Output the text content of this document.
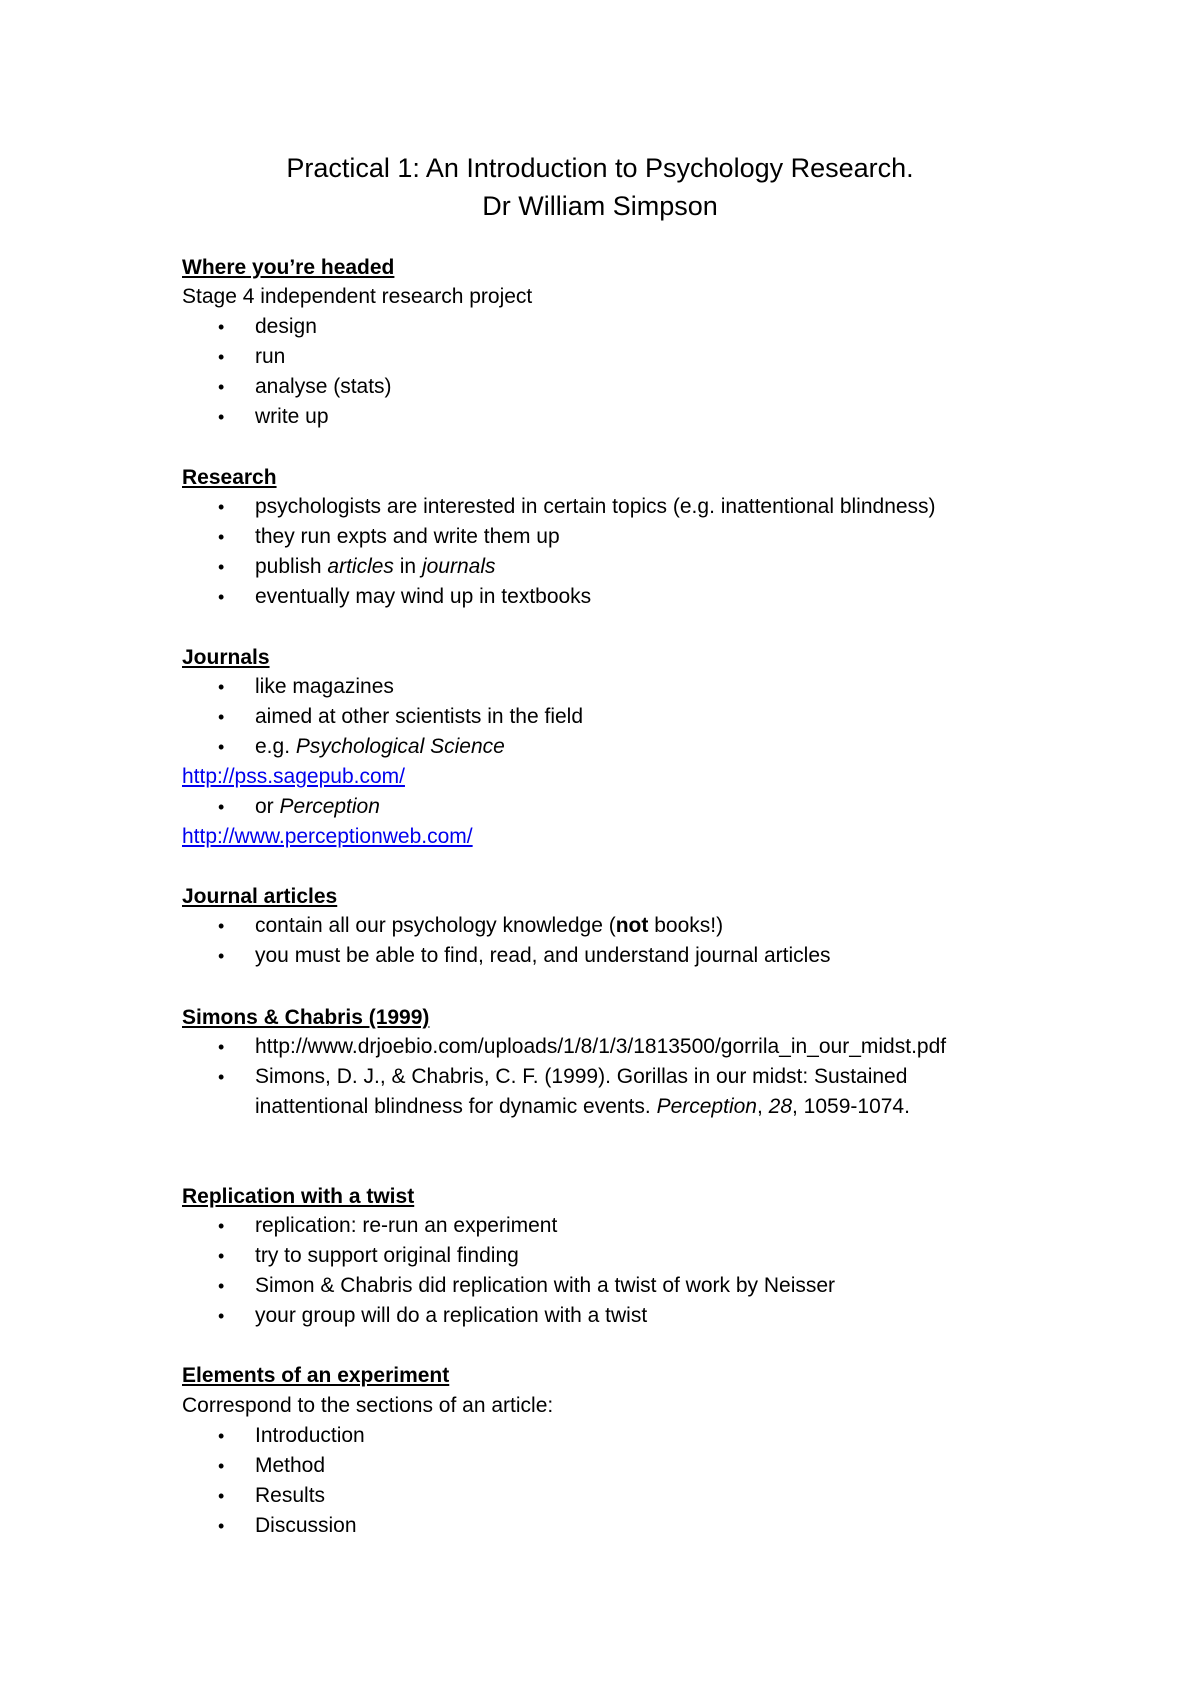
Practical 1: An Introduction to Psychology Research.
Dr William Simpson
Where you’re headed
Stage 4 independent research project
• design
• run
• analyse (stats)
• write up
Research
• psychologists are interested in certain topics (e.g. inattentional blindness)
• they run expts and write them up
• publish articles in journals
• eventually may wind up in textbooks
Journals
• like magazines
• aimed at other scientists in the field
• e.g. Psychological Science
http://pss.sagepub.com/
• or Perception
http://www.perceptionweb.com/
Journal articles
• contain all our psychology knowledge (not books!)
• you must be able to find, read, and understand journal articles
Simons & Chabris (1999)
• http://www.drjoebio.com/uploads/1/8/1/3/1813500/gorrila_in_our_midst.pdf
• Simons, D. J., & Chabris, C. F. (1999). Gorillas in our midst: Sustained inattentional blindness for dynamic events. Perception, 28, 1059-1074.
Replication with a twist
• replication: re-run an experiment
• try to support original finding
• Simon & Chabris did replication with a twist of work by Neisser
• your group will do a replication with a twist
Elements of an experiment
Correspond to the sections of an article:
• Introduction
• Method
• Results
• Discussion
